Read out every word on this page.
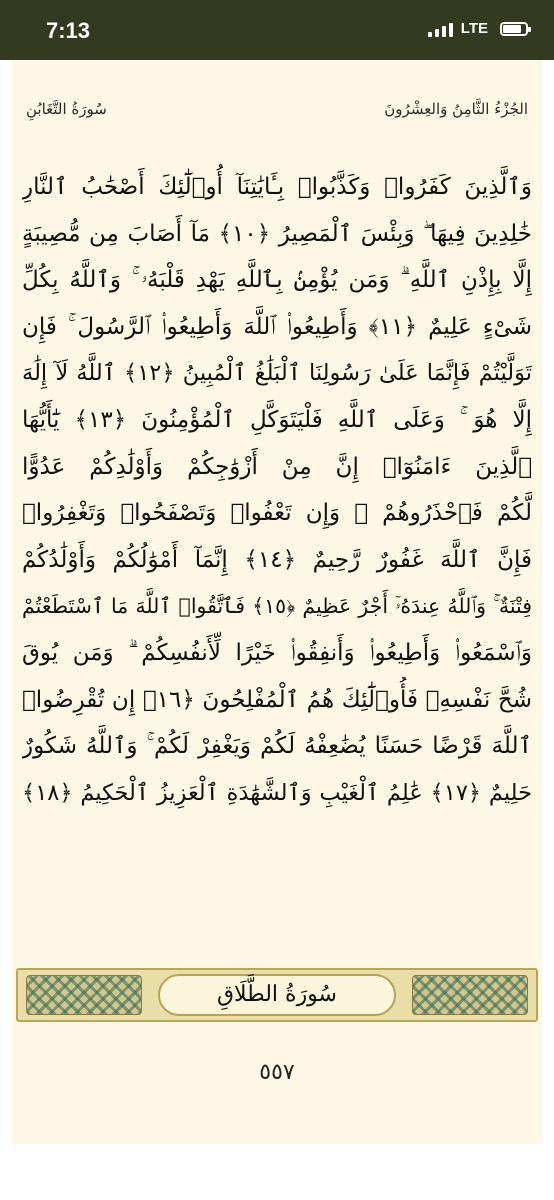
7:13	LTE
الجُزْءُ الثَّامِنُ وَالعِشْرُونَ
سُورَةُ التَّغَابُنِ
وَٱلَّذِينَ كَفَرُوا۟ وَكَذَّبُوا۟ بِـَٔايَٰتِنَآ أُو۟لَٰٓئِكَ أَصْحَٰبُ ٱلنَّارِ
خَٰلِدِينَ فِيهَا ۖ وَبِئْسَ ٱلْمَصِيرُ ﴿١٠﴾ مَآ أَصَابَ مِن مُّصِيبَةٍ
إِلَّا بِإِذْنِ ٱللَّهِ ۗ وَمَن يُؤْمِنۢ بِٱللَّهِ يَهْدِ قَلْبَهُۥ ۚ وَٱللَّهُ بِكُلِّ
شَىْءٍ عَلِيمٌ ﴿١١﴾ وَأَطِيعُوا۟ ٱللَّهَ وَأَطِيعُوا۟ ٱلرَّسُولَ ۚ فَإِن
تَوَلَّيْتُمْ فَإِنَّمَا عَلَىٰ رَسُولِنَا ٱلْبَلَٰغُ ٱلْمُبِينُ ﴿١٢﴾ ٱللَّهُ لَآ إِلَٰهَ
إِلَّا هُوَ ۚ وَعَلَى ٱللَّهِ فَلْيَتَوَكَّلِ ٱلْمُؤْمِنُونَ ﴿١٣﴾ يَٰٓأَيُّهَا
ٱلَّذِينَ ءَامَنُوٓا۟ إِنَّ مِنْ أَزْوَٰجِكُمْ وَأَوْلَٰدِكُمْ عَدُوًّا
لَّكُمْ فَٱحْذَرُوهُمْ ۚ وَإِن تَعْفُوا۟ وَتَصْفَحُوا۟ وَتَغْفِرُوا۟
فَإِنَّ ٱللَّهَ غَفُورٌ رَّحِيمٌ ﴿١٤﴾ إِنَّمَآ أَمْوَٰلُكُمْ وَأَوْلَٰدُكُمْ
فِتْنَةٌ ۚ وَٱللَّهُ عِندَهُۥٓ أَجْرٌ عَظِيمٌ ﴿١٥﴾ فَٱتَّقُوا۟ ٱللَّهَ مَا ٱسْتَطَعْتُمْ
وَٱسْمَعُوا۟ وَأَطِيعُوا۟ وَأَنفِقُوا۟ خَيْرًا لِّأَنفُسِكُمْ ۗ وَمَن يُوقَ
شُحَّ نَفْسِهِۦ فَأُو۟لَٰٓئِكَ هُمُ ٱلْمُفْلِحُونَ ﴿١٦﴾ إِن تُقْرِضُوا۟
ٱللَّهَ قَرْضًا حَسَنًا يُضَٰعِفْهُ لَكُمْ وَيَغْفِرْ لَكُمْ ۚ وَٱللَّهُ شَكُورٌ
حَلِيمٌ ﴿١٧﴾ عَٰلِمُ ٱلْغَيْبِ وَٱلشَّهَٰدَةِ ٱلْعَزِيزُ ٱلْحَكِيمُ ﴿١٨﴾
سُورَةُ الطَّلَاقِ
٥٥٧
